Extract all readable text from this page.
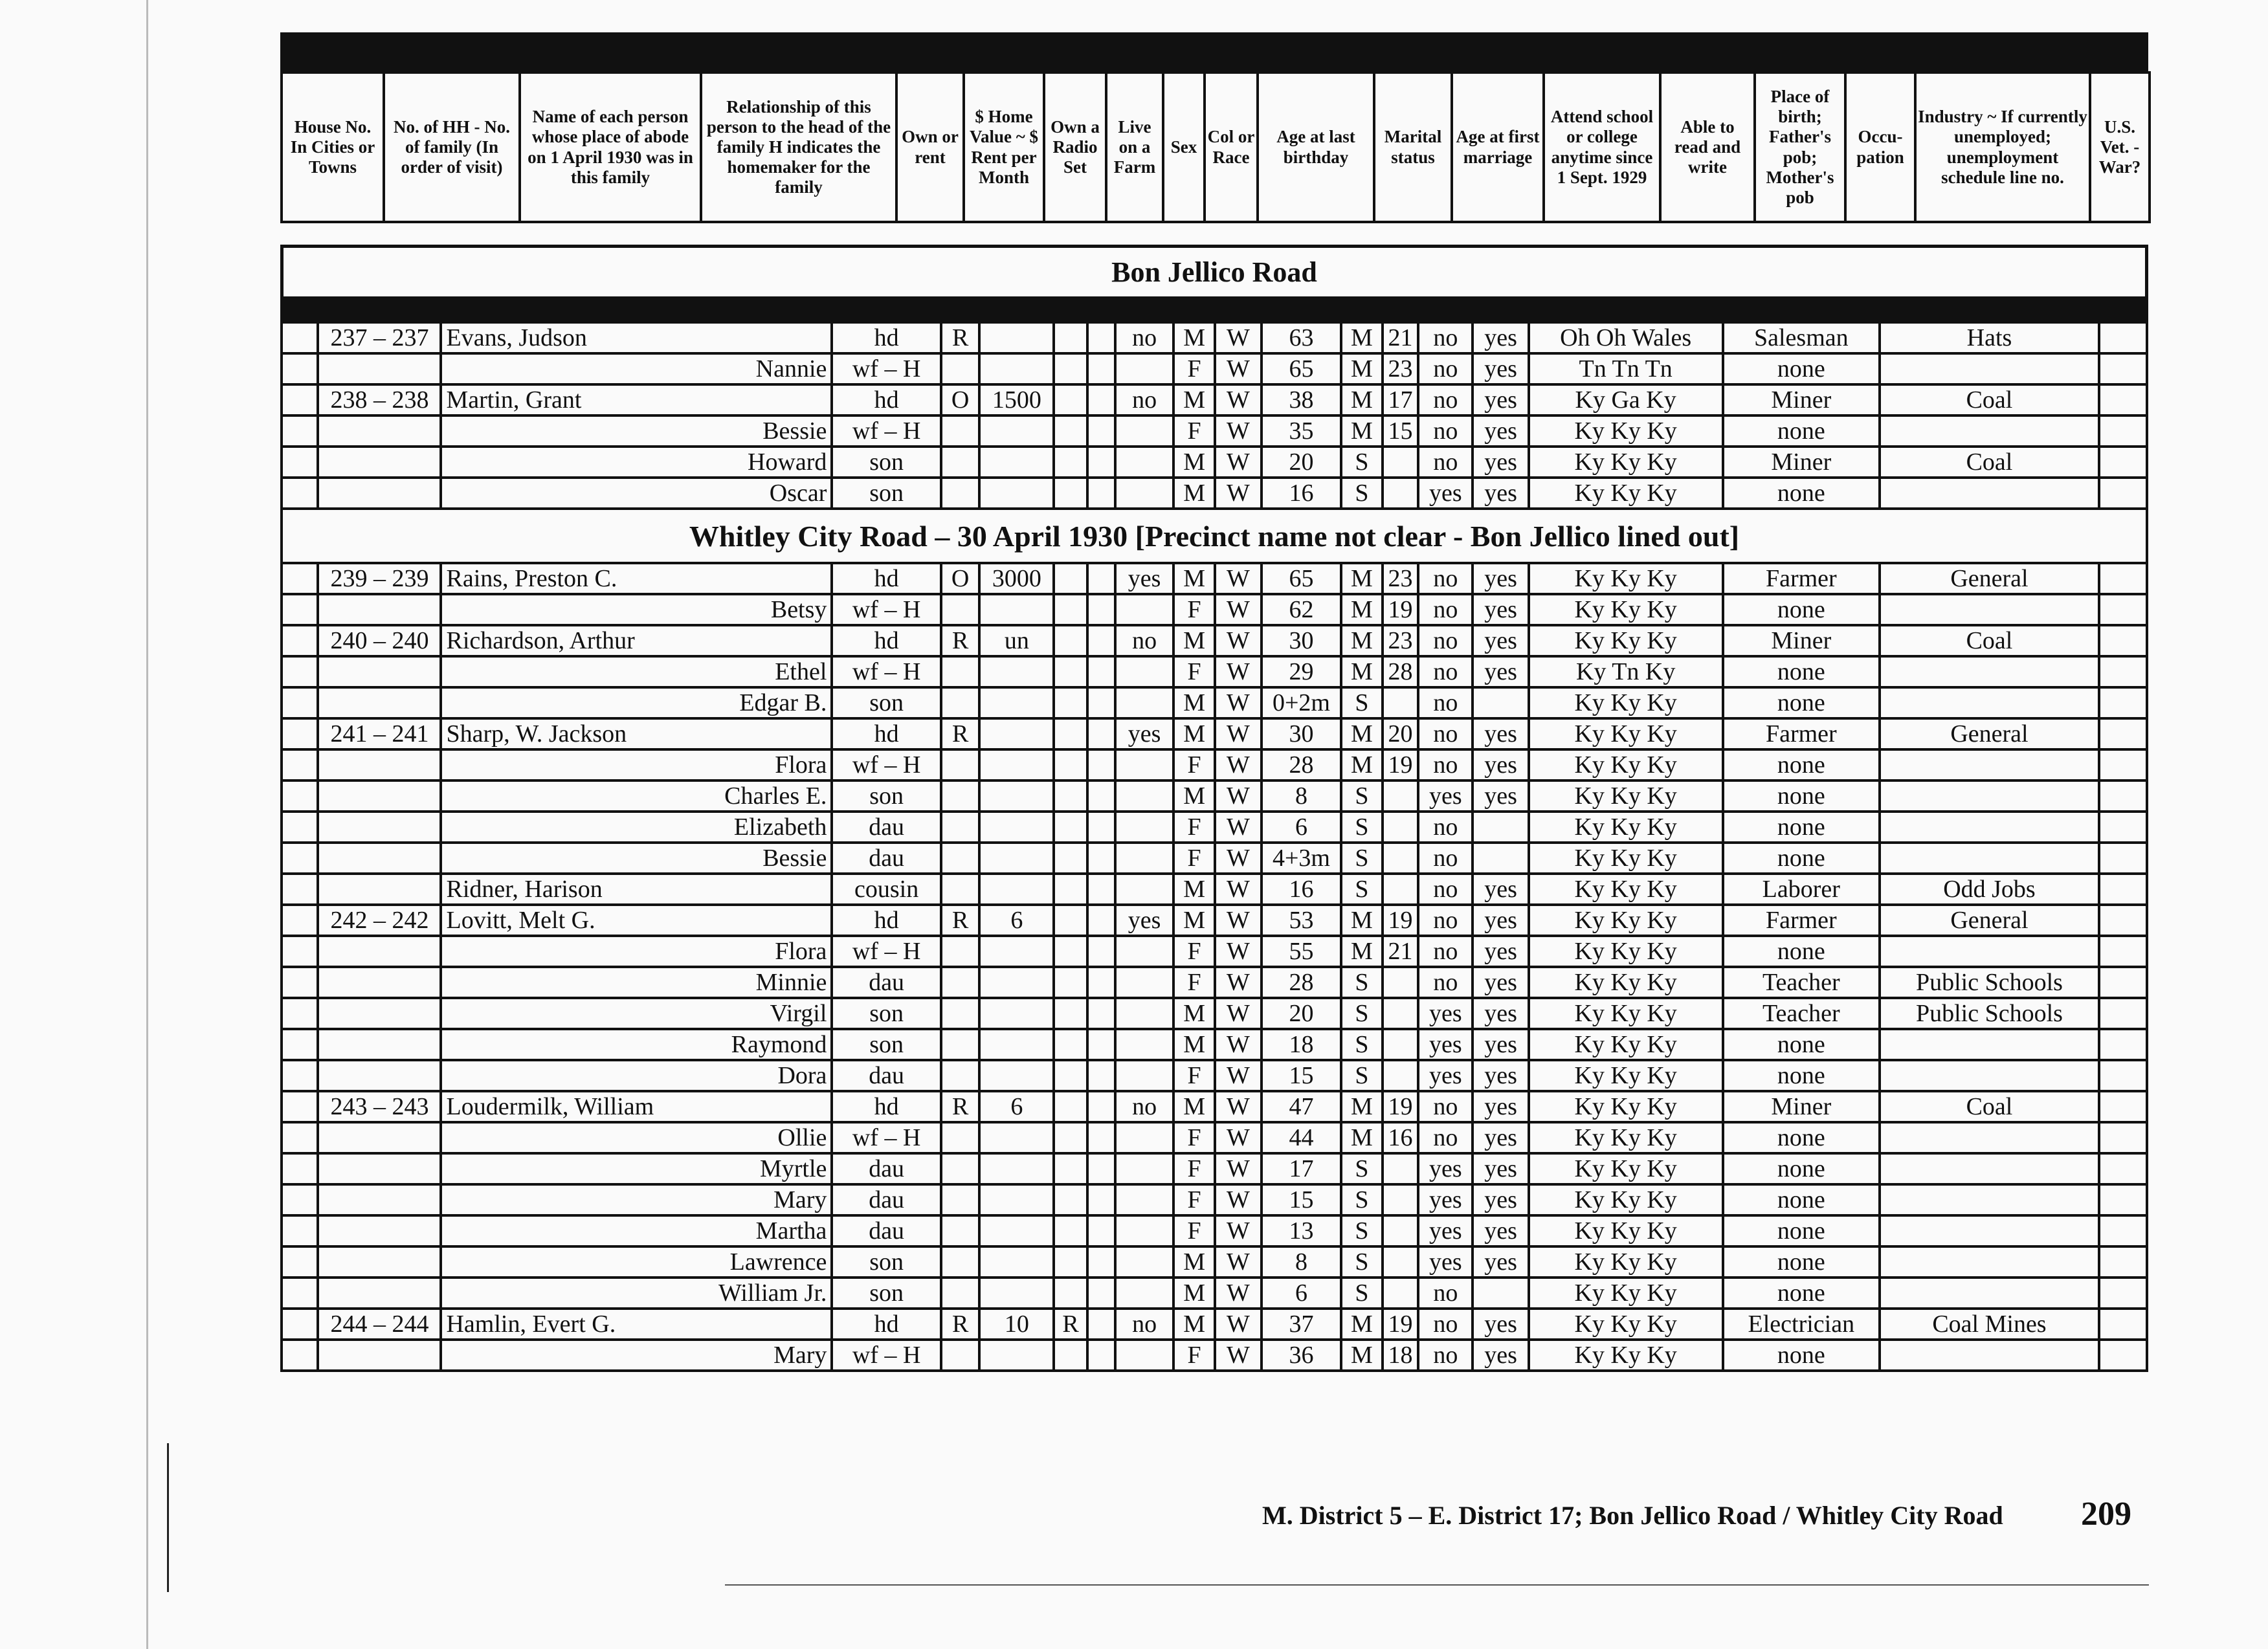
House No. In Cities or Towns	No. of HH - No. of family (In order of visit)	Name of each person whose place of abode on 1 April 1930 was in this family	Relationship of this person to the head of the family H indicates the homemaker for the family	Own or rent	$ Home Value ~ $ Rent per Month	Own a Radio Set	Live on a Farm	Sex	Col or Race	Age at last birthday	Marital status	Age at first marriage	Attend school or college anytime since 1 Sept. 1929	Able to read and write	Place of birth; Father's pob; Mother's pob	Occu-pation	Industry ~ If currently unemployed; unemployment schedule line no.	U.S. Vet. - War?
Bon Jellico Road
	237 – 237	Evans, Judson	hd	R				no	M	W	63	M	21	no	yes	Oh Oh Wales	Salesman	Hats	
		Nannie	wf – H						F	W	65	M	23	no	yes	Tn Tn Tn	none		
	238 – 238	Martin, Grant	hd	O	1500			no	M	W	38	M	17	no	yes	Ky Ga Ky	Miner	Coal	
		Bessie	wf – H						F	W	35	M	15	no	yes	Ky Ky Ky	none		
		Howard	son						M	W	20	S		no	yes	Ky Ky Ky	Miner	Coal	
		Oscar	son						M	W	16	S		yes	yes	Ky Ky Ky	none		
Whitley City Road – 30 April 1930 [Precinct name not clear - Bon Jellico lined out]																			
	239 – 239	Rains, Preston C.	hd	O	3000			yes	M	W	65	M	23	no	yes	Ky Ky Ky	Farmer	General	
		Betsy	wf – H						F	W	62	M	19	no	yes	Ky Ky Ky	none		
	240 – 240	Richardson, Arthur	hd	R	un			no	M	W	30	M	23	no	yes	Ky Ky Ky	Miner	Coal	
		Ethel	wf – H						F	W	29	M	28	no	yes	Ky Tn Ky	none		
		Edgar B.	son						M	W	0+2m	S		no		Ky Ky Ky	none		
	241 – 241	Sharp, W. Jackson	hd	R				yes	M	W	30	M	20	no	yes	Ky Ky Ky	Farmer	General	
		Flora	wf – H						F	W	28	M	19	no	yes	Ky Ky Ky	none		
		Charles E.	son						M	W	8	S		yes	yes	Ky Ky Ky	none		
		Elizabeth	dau						F	W	6	S		no		Ky Ky Ky	none		
		Bessie	dau						F	W	4+3m	S		no		Ky Ky Ky	none		
		Ridner, Harison	cousin						M	W	16	S		no	yes	Ky Ky Ky	Laborer	Odd Jobs	
	242 – 242	Lovitt, Melt G.	hd	R	6			yes	M	W	53	M	19	no	yes	Ky Ky Ky	Farmer	General	
		Flora	wf – H						F	W	55	M	21	no	yes	Ky Ky Ky	none		
		Minnie	dau						F	W	28	S		no	yes	Ky Ky Ky	Teacher	Public Schools	
		Virgil	son						M	W	20	S		yes	yes	Ky Ky Ky	Teacher	Public Schools	
		Raymond	son						M	W	18	S		yes	yes	Ky Ky Ky	none		
		Dora	dau						F	W	15	S		yes	yes	Ky Ky Ky	none		
	243 – 243	Loudermilk, William	hd	R	6			no	M	W	47	M	19	no	yes	Ky Ky Ky	Miner	Coal	
		Ollie	wf – H						F	W	44	M	16	no	yes	Ky Ky Ky	none		
		Myrtle	dau						F	W	17	S		yes	yes	Ky Ky Ky	none		
		Mary	dau						F	W	15	S		yes	yes	Ky Ky Ky	none		
		Martha	dau						F	W	13	S		yes	yes	Ky Ky Ky	none		
		Lawrence	son						M	W	8	S		yes	yes	Ky Ky Ky	none		
		William Jr.	son						M	W	6	S		no		Ky Ky Ky	none		
	244 – 244	Hamlin, Evert G.	hd	R	10	R		no	M	W	37	M	19	no	yes	Ky Ky Ky	Electrician	Coal Mines	
		Mary	wf – H						F	W	36	M	18	no	yes	Ky Ky Ky	none		
M. District 5 – E. District 17; Bon Jellico Road / Whitley City Road 209
